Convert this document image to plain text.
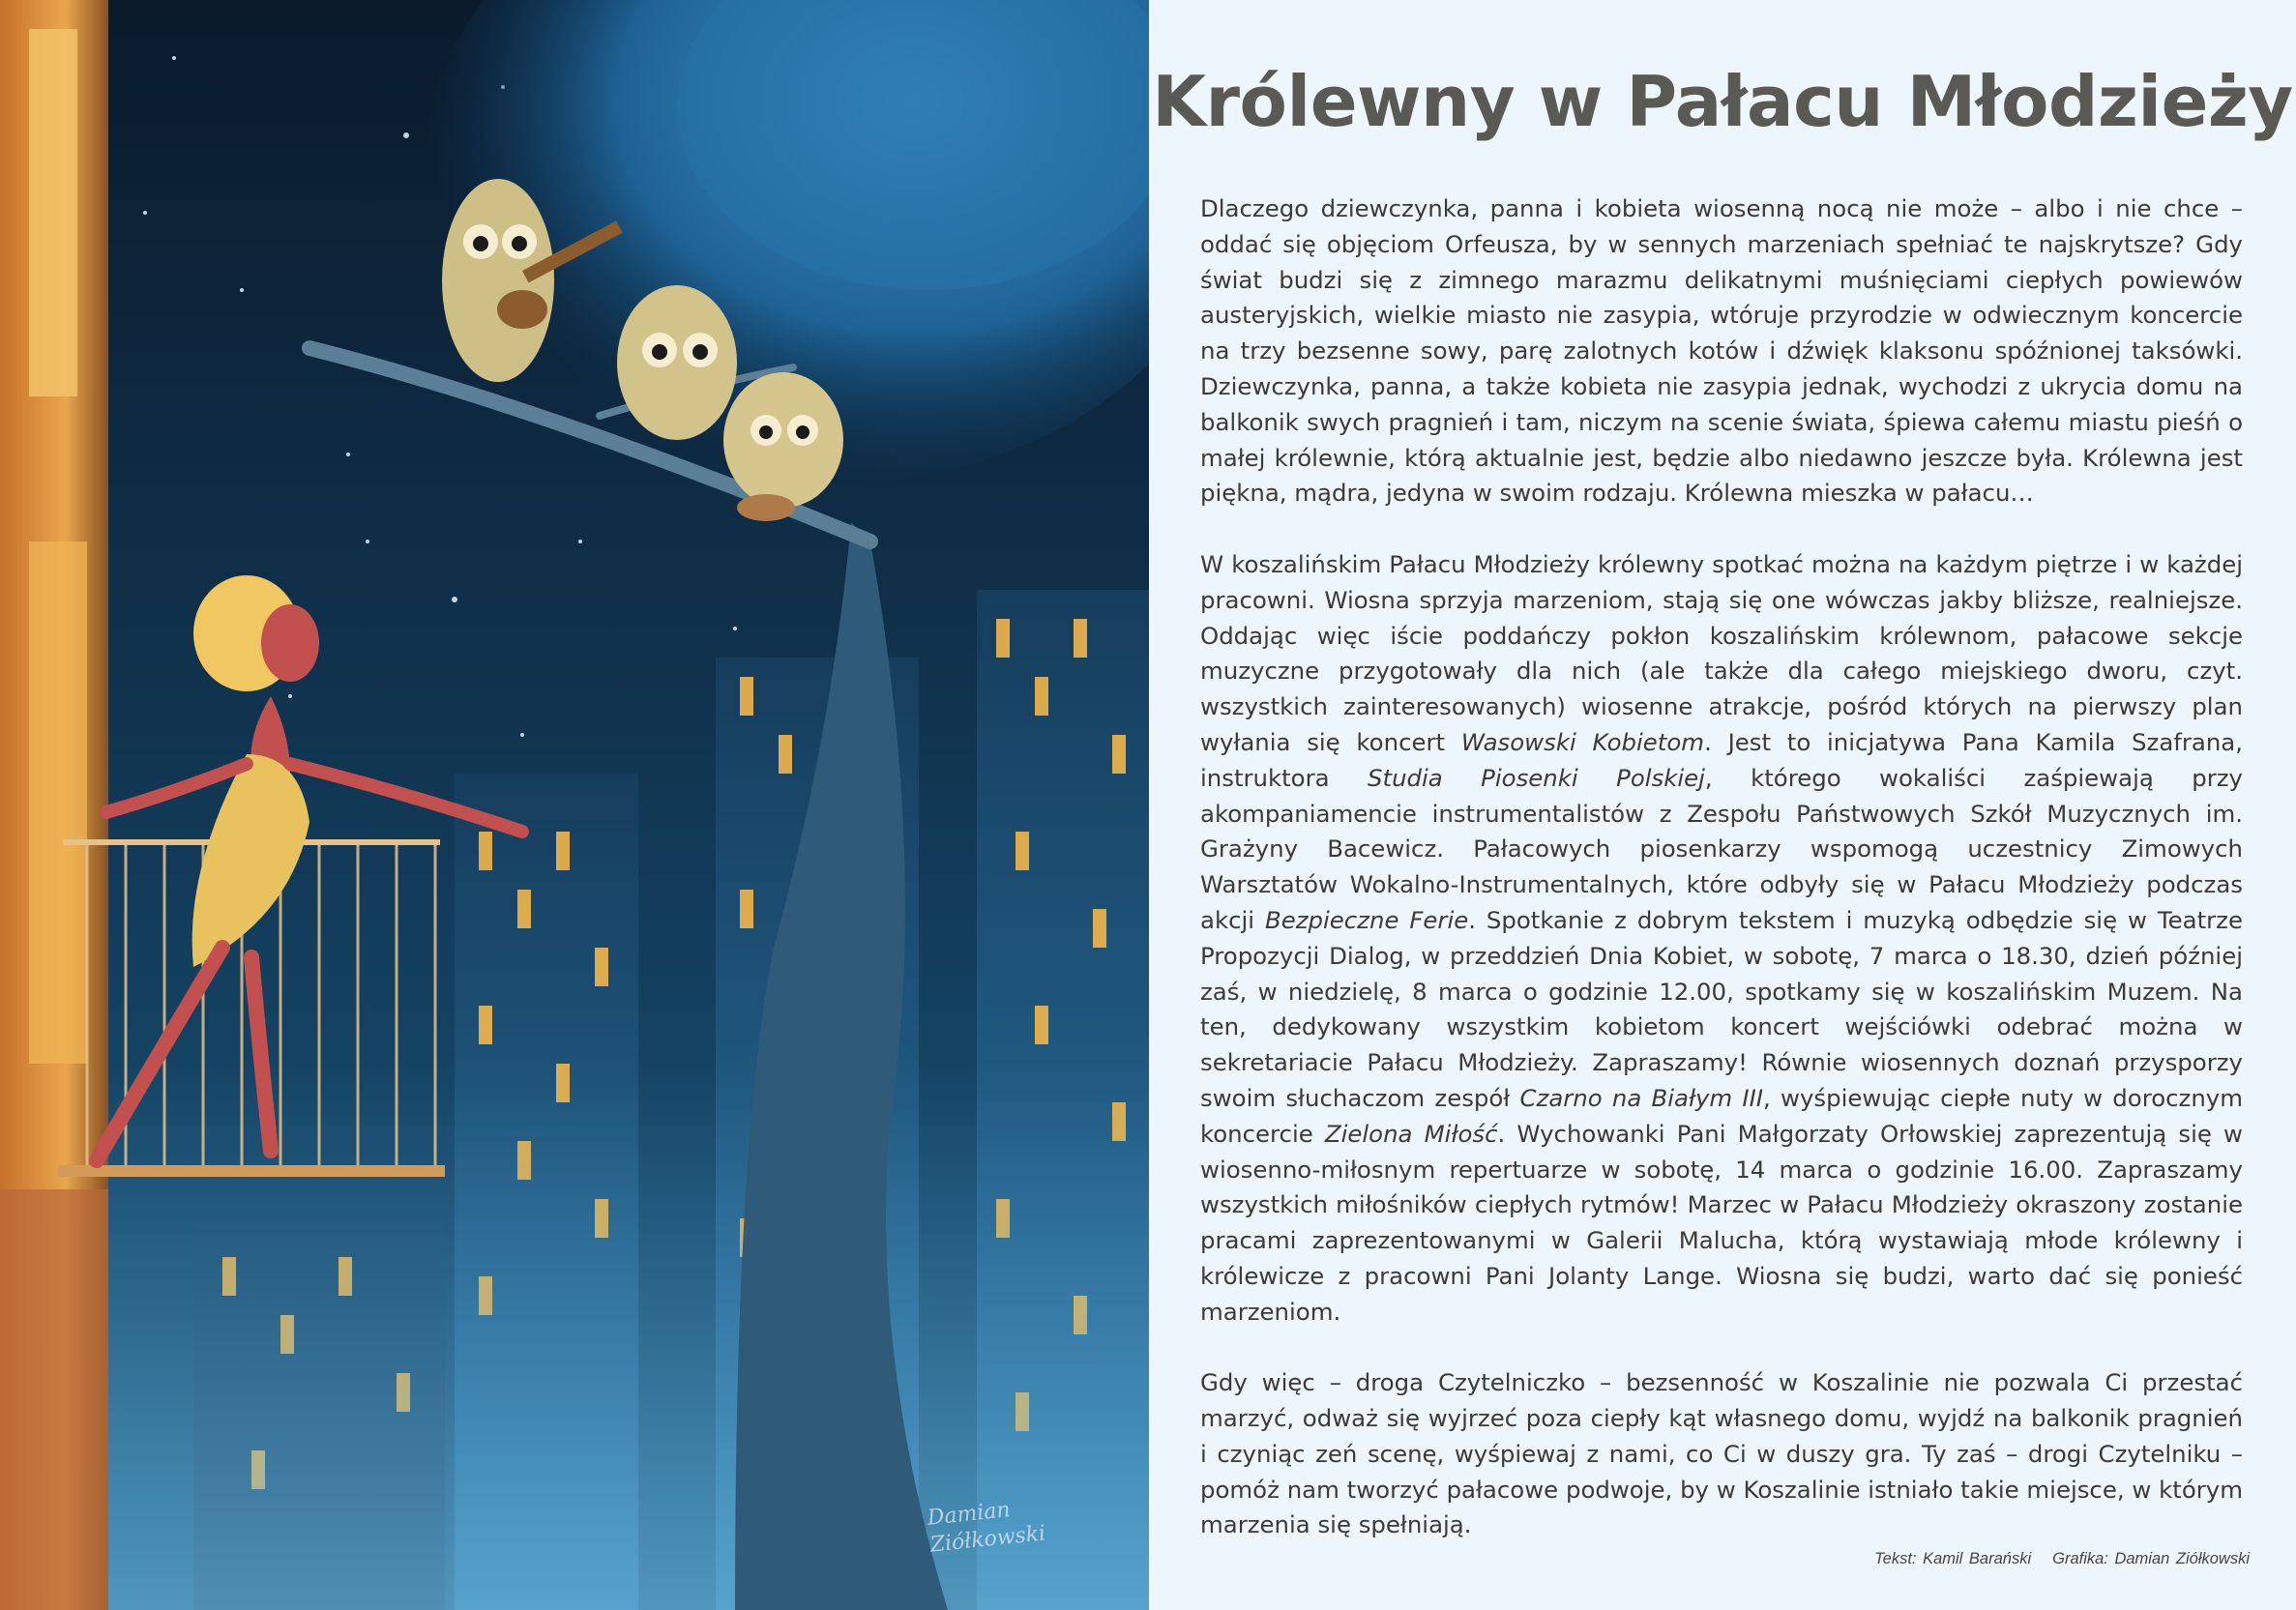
Damian Ziółkowski
Królewny w Pałacu Młodzieży

Dlaczego dziewczynka, panna i kobieta wiosenną nocą nie może – albo i nie chce – oddać się objęciom Orfeusza, by w sennych marzeniach spełniać te najskrytsze? Gdy świat budzi się z zimnego marazmu delikatnymi muśnięciami ciepłych powiewów austeryjskich, wielkie miasto nie zasypia, wtóruje przyrodzie w odwiecznym koncercie na trzy bezsenne sowy, parę zalotnych kotów i dźwięk klaksonu spóźnionej taksówki. Dziewczynka, panna, a także kobieta nie zasypia jednak, wychodzi z ukrycia domu na balkonik swych pragnień i tam, niczym na scenie świata, śpiewa całemu miastu pieśń o małej królewnie, którą aktualnie jest, będzie albo niedawno jeszcze była. Królewna jest piękna, mądra, jedyna w swoim rodzaju. Królewna mieszka w pałacu…

W koszalińskim Pałacu Młodzieży królewny spotkać można na każdym piętrze i w każdej pracowni. Wiosna sprzyja marzeniom, stają się one wówczas jakby bliższe, realniejsze. Oddając więc iście poddańczy pokłon koszalińskim królewnom, pałacowe sekcje muzyczne przygotowały dla nich (ale także dla całego miejskiego dworu, czyt. wszystkich zainteresowanych) wiosenne atrakcje, pośród których na pierwszy plan wyłania się koncert Wasowski Kobietom. Jest to inicjatywa Pana Kamila Szafrana, instruktora Studia Piosenki Polskiej, którego wokaliści zaśpiewają przy akompaniamencie instrumentalistów z Zespołu Państwowych Szkół Muzycznych im. Grażyny Bacewicz. Pałacowych piosenkarzy wspomogą uczestnicy Zimowych Warsztatów Wokalno-Instrumentalnych, które odbyły się w Pałacu Młodzieży podczas akcji Bezpieczne Ferie. Spotkanie z dobrym tekstem i muzyką odbędzie się w Teatrze Propozycji Dialog, w przeddzień Dnia Kobiet, w sobotę, 7 marca o 18.30, dzień później zaś, w niedzielę, 8 marca o godzinie 12.00, spotkamy się w koszalińskim Muzem. Na ten, dedykowany wszystkim kobietom koncert wejściówki odebrać można w sekretariacie Pałacu Młodzieży. Zapraszamy! Równie wiosennych doznań przysporzy swoim słuchaczom zespół Czarno na Białym III, wyśpiewując ciepłe nuty w dorocznym koncercie Zielona Miłość. Wychowanki Pani Małgorzaty Orłowskiej zaprezentują się w wiosenno-miłosnym repertuarze w sobotę, 14 marca o godzinie 16.00. Zapraszamy wszystkich miłośników ciepłych rytmów! Marzec w Pałacu Młodzieży okraszony zostanie pracami zaprezentowanymi w Galerii Malucha, którą wystawiają młode królewny i królewicze z pracowni Pani Jolanty Lange. Wiosna się budzi, warto dać się ponieść marzeniom.

Gdy więc – droga Czytelniczko – bezsenność w Koszalinie nie pozwala Ci przestać marzyć, odważ się wyjrzeć poza ciepły kąt własnego domu, wyjdź na balkonik pragnień i czyniąc zeń scenę, wyśpiewaj z nami, co Ci w duszy gra. Ty zaś – drogi Czytelniku – pomóż nam tworzyć pałacowe podwoje, by w Koszalinie istniało takie miejsce, w którym marzenia się spełniają.

Tekst: Kamil Barański Grafika: Damian Ziółkowski
